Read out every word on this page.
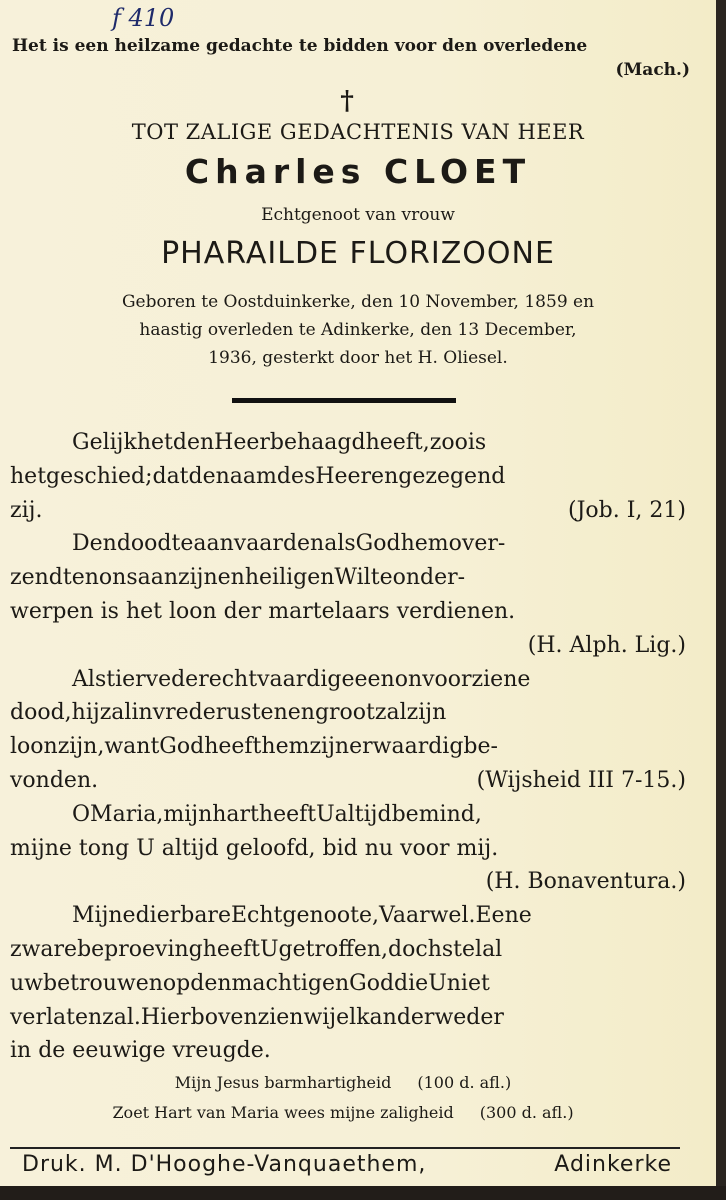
f 410
Het is een heilzame gedachte te bidden voor den overledene
(Mach.)
†
TOT ZALIGE GEDACHTENIS VAN HEER
Charles CLOET
Echtgenoot van vrouw
PHARAILDE FLORIZOONE
Geboren te Oostduinkerke, den 10 November, 1859 en
haastig overleden te Adinkerke, den 13 December,
1936, gesterkt door het H. Oliesel.
GelijkhetdenHeerbehaagdheeft,zoois
hetgeschied;datdenaamdesHeerengezegend
zij.	(Job. I, 21)
DendoodteaanvaardenalsGodhemover-
zendtenonsaanzijnenheiligenWilteonder-
werpen is het loon der martelaars verdienen.
(H. Alph. Lig.)
Alstiervederechtvaardigeeenonvoorziene
dood,hijzalinvrederustenengrootzalzijn
loonzijn,wantGodheefthemzijnerwaardigbe-
vonden.	(Wijsheid III 7-15.)
OMaria,mijnhartheeftUaltijdbemind,
mijne tong U altijd geloofd, bid nu voor mij.
(H. Bonaventura.)
MijnedierbareEchtgenoote,Vaarwel.Eene
zwarebeproevingheeftUgetroffen,dochstelal
uwbetrouwenopdenmachtigenGoddieUniet
verlatenzal.Hierbovenzienwijelkanderweder
in de eeuwige vreugde.
Mijn Jesus barmhartigheid (100 d. afl.)
Zoet Hart van Maria wees mijne zaligheid (300 d. afl.)
Druk. M. D'Hooghe-Vanquaethem,	Adinkerke
